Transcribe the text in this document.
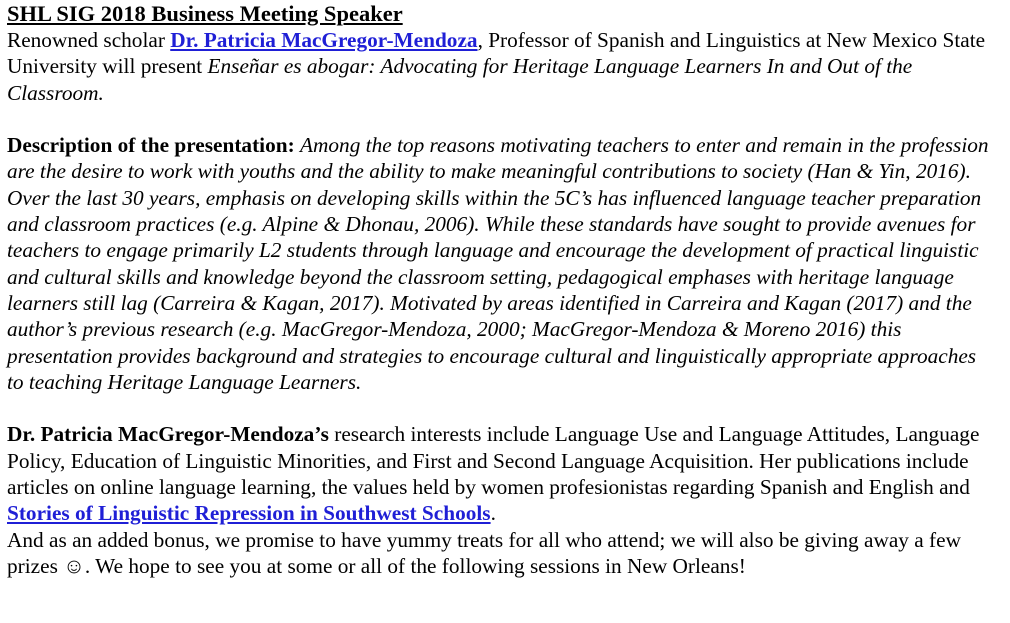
SHL SIG 2018 Business Meeting Speaker

Renowned scholar Dr. Patricia MacGregor-Mendoza, Professor of Spanish and Linguistics at New Mexico State University will present Enseñar es abogar: Advocating for Heritage Language Learners In and Out of the Classroom.

Description of the presentation: Among the top reasons motivating teachers to enter and remain in the profession are the desire to work with youths and the ability to make meaningful contributions to society (Han & Yin, 2016). Over the last 30 years, emphasis on developing skills within the 5C’s has influenced language teacher preparation and classroom practices (e.g. Alpine & Dhonau, 2006). While these standards have sought to provide avenues for teachers to engage primarily L2 students through language and encourage the development of practical linguistic and cultural skills and knowledge beyond the classroom setting, pedagogical emphases with heritage language learners still lag (Carreira & Kagan, 2017). Motivated by areas identified in Carreira and Kagan (2017) and the author’s previous research (e.g. MacGregor-Mendoza, 2000; MacGregor-Mendoza & Moreno 2016) this presentation provides background and strategies to encourage cultural and linguistically appropriate approaches to teaching Heritage Language Learners.

Dr. Patricia MacGregor-Mendoza’s research interests include Language Use and Language Attitudes, Language Policy, Education of Linguistic Minorities, and First and Second Language Acquisition. Her publications include articles on online language learning, the values held by women profesionistas regarding Spanish and English and Stories of Linguistic Repression in Southwest Schools.

And as an added bonus, we promise to have yummy treats for all who attend; we will also be giving away a few prizes ☺. We hope to see you at some or all of the following sessions in New Orleans!
